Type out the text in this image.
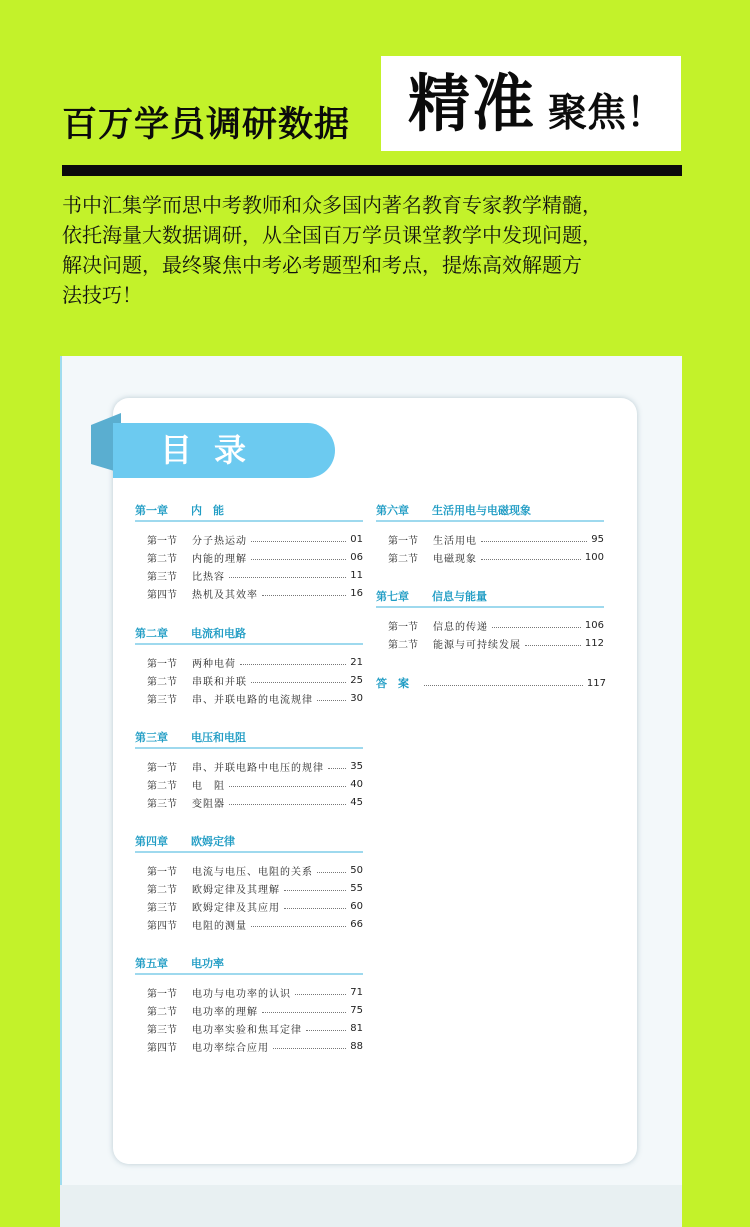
百万学员调研数据 精准 聚焦！

书中汇集学而思中考教师和众多国内著名教育专家教学精髓，

依托海量大数据调研，从全国百万学员课堂教学中发现问题，

解决问题，最终聚焦中考必考题型和考点，提炼高效解题方

法技巧！

目录
第一章 内　能
第一节	分子热运动	01
第二节	内能的理解	06
第三节	比热容	11
第四节	热机及其效率	16
第二章 电流和电路
第一节	两种电荷	21
第二节	串联和并联	25
第三节	串、并联电路的电流规律	30
第三章 电压和电阻
第一节	串、并联电路中电压的规律	35
第二节	电　阻	40
第三节	变阻器	45
第四章 欧姆定律
第一节	电流与电压、电阻的关系	50
第二节	欧姆定律及其理解	55
第三节	欧姆定律及其应用	60
第四节	电阻的测量	66
第五章 电功率
第一节	电功与电功率的认识	71
第二节	电功率的理解	75
第三节	电功率实验和焦耳定律	81
第四节	电功率综合应用	88
第六章 生活用电与电磁现象
第一节	生活用电	95
第二节	电磁现象	100
第七章 信息与能量
第一节	信息的传递	106
第二节	能源与可持续发展	112
答　案	117
